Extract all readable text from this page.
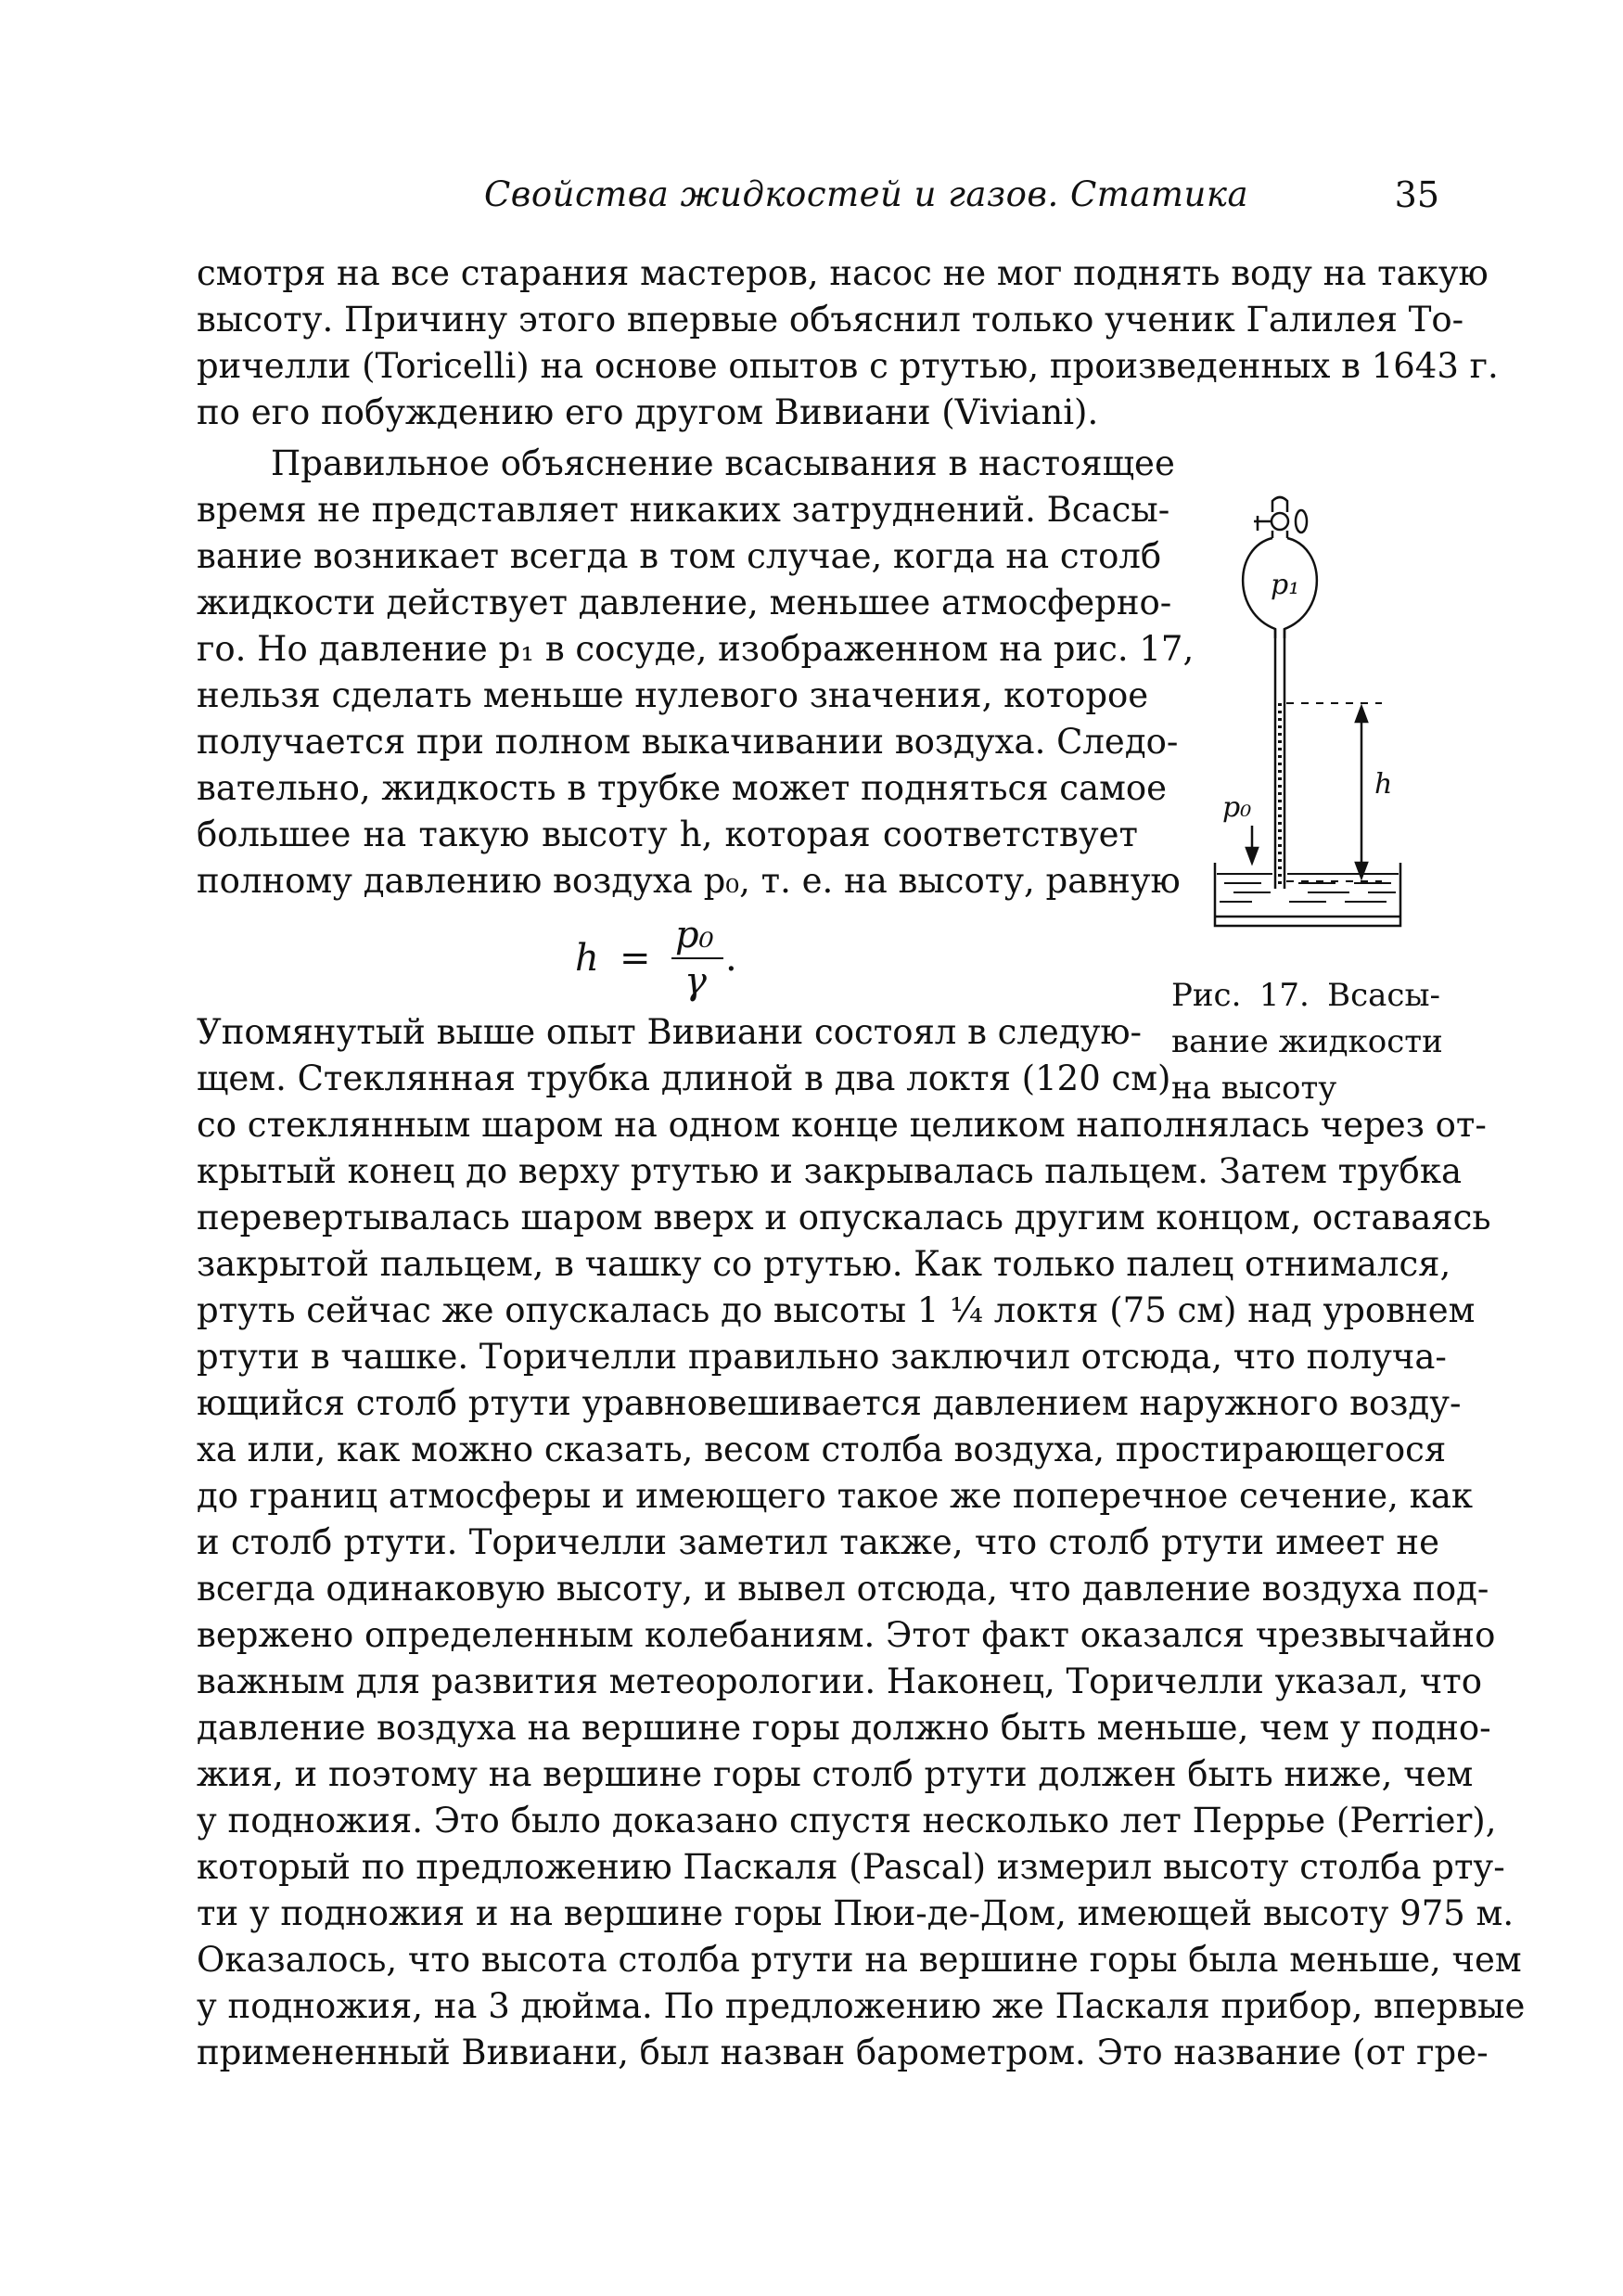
Свойства жидкостей и газов. Статика	35

смотря на все старания мастеров, насос не мог поднять воду на такую
высоту. Причину этого впервые объяснил только ученик Галилея То-
ричелли (Toricelli) на основе опытов с ртутью, произведенных в 1643 г.
по его побуждению его другом Вивиани (Viviani).

Правильное объяснение всасывания в настоящее
время не представляет никаких затруднений. Всасы-
вание возникает всегда в том случае, когда на столб
жидкости действует давление, меньшее атмосферно-
го. Но давление p₁ в сосуде, изображенном на рис. 17,
нельзя сделать меньше нулевого значения, которое
получается при полном выкачивании воздуха. Следо-
вательно, жидкость в трубке может подняться самое
большее на такую высоту h, которая соответствует
полному давлению воздуха p₀, т. е. на высоту, равную

h =
p₀
γ
.
p₁
p₀
h
Рис. 17. Всасы-
вание жидкости
на высоту

Упомянутый выше опыт Вивиани состоял в следую-
щем. Стеклянная трубка длиной в два локтя (120 см)

со стеклянным шаром на одном конце целиком наполнялась через от-
крытый конец до верху ртутью и закрывалась пальцем. Затем трубка
перевертывалась шаром вверх и опускалась другим концом, оставаясь
закрытой пальцем, в чашку со ртутью. Как только палец отнимался,
ртуть сейчас же опускалась до высоты 1 ¹⁄₄ локтя (75 см) над уровнем
ртути в чашке. Торичелли правильно заключил отсюда, что получа-
ющийся столб ртути уравновешивается давлением наружного возду-
ха или, как можно сказать, весом столба воздуха, простирающегося
до границ атмосферы и имеющего такое же поперечное сечение, как
и столб ртути. Торичелли заметил также, что столб ртути имеет не
всегда одинаковую высоту, и вывел отсюда, что давление воздуха под-
вержено определенным колебаниям. Этот факт оказался чрезвычайно
важным для развития метеорологии. Наконец, Торичелли указал, что
давление воздуха на вершине горы должно быть меньше, чем у подно-
жия, и поэтому на вершине горы столб ртути должен быть ниже, чем
у подножия. Это было доказано спустя несколько лет Перрье (Perrier),
который по предложению Паскаля (Pascal) измерил высоту столба рту-
ти у подножия и на вершине горы Пюи-де-Дом, имеющей высоту 975 м.
Оказалось, что высота столба ртути на вершине горы была меньше, чем
у подножия, на 3 дюйма. По предложению же Паскаля прибор, впервые
примененный Вивиани, был назван барометром. Это название (от гре-
